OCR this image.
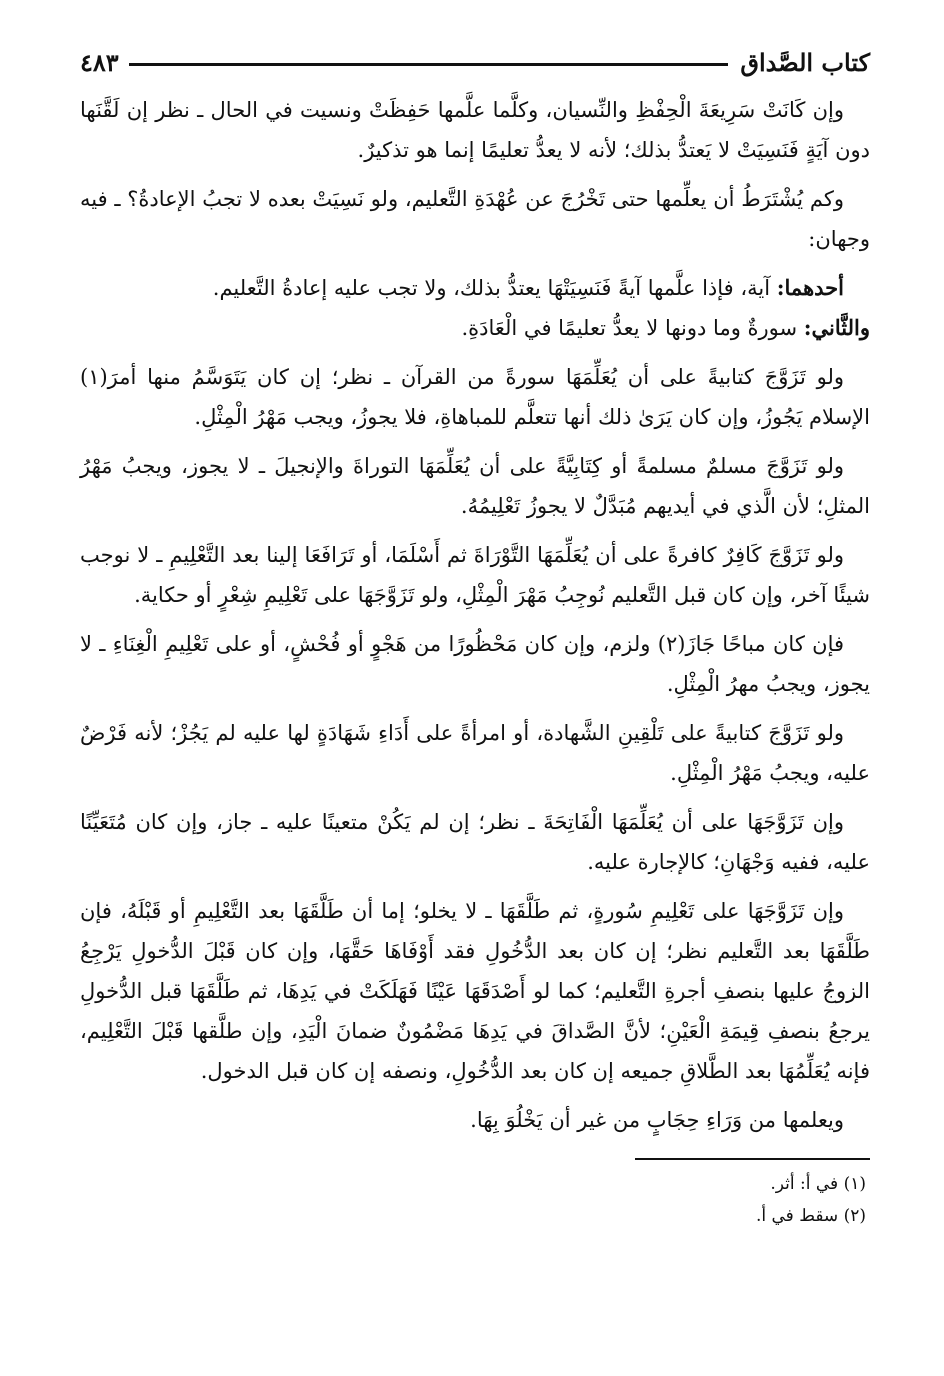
كتاب الصَّداق
٤٨٣

وإن كَانَتْ سَرِيعَةَ الْحِفْظِ والنِّسيان، وكلَّما علَّمها حَفِظَتْ ونسيت في الحال ـ نظر إن لَقَّنَها دون آيَةٍ فَنَسِيَتْ لا يَعتدُّ بذلك؛ لأنه لا يعدُّ تعليمًا إنما هو تذكيرٌ.

وكم يُشْتَرَطُ أن يعلِّمها حتى تَخْرُجَ عن عُهْدَةِ التَّعليم، ولو نَسِيَتْ بعده لا تجبُ الإعادةُ؟ ـ فيه وجهان:

أحدهما: آية، فإذا علَّمها آيةً فَنَسِيَتْهَا يعتدُّ بذلك، ولا تجب عليه إعادةُ التَّعليم.

والثَّاني: سورةٌ وما دونها لا يعدُّ تعليمًا في الْعَادَةِ.

ولو تَزَوَّجَ كتابيةً على أن يُعَلِّمَهَا سورةً من القرآن ـ نظر؛ إن كان يَتَوَسَّمُ منها أمرَ(١) الإسلام يَجُوزُ، وإن كان يَرَىٰ ذلك أنها تتعلَّم للمباهاةِ، فلا يجوزُ، ويجب مَهْرُ الْمِثْلِ.

ولو تَزَوَّجَ مسلمٌ مسلمةً أو كِتَابِيَّةً على أن يُعَلِّمَهَا التوراةَ والإنجيلَ ـ لا يجوز، ويجبُ مَهْرُ المثلِ؛ لأن الَّذي في أيديهم مُبَدَّلٌ لا يجوزُ تَعْلِيمُهُ.

ولو تَزَوَّجَ كَافِرٌ كافرةً على أن يُعَلِّمَهَا التَّوْرَاةَ ثم أَسْلَمَا، أو تَرَافَعَا إلينا بعد التَّعْلِيمِ ـ لا نوجب شيئًا آخر، وإن كان قبل التَّعليم نُوجِبُ مَهْرَ الْمِثْلِ، ولو تَزَوَّجَهَا على تَعْلِيمِ شِعْرٍ أو حكاية.

فإن كان مباحًا جَازَ(٢) ولزم، وإن كان مَحْظُورًا من هَجْوٍ أو فُحْشٍ، أو على تَعْلِيمِ الْغِنَاءِ ـ لا يجوز، ويجبُ مهرُ الْمِثْلِ.

ولو تَزَوَّجَ كتابيةً على تَلْقِينِ الشَّهادة، أو امرأةً على أَدَاءِ شَهَادَةٍ لها عليه لم يَجُزْ؛ لأنه فَرْضٌ عليه، ويجبُ مَهْرُ الْمِثْلِ.

وإن تَزَوَّجَهَا على أن يُعَلِّمَهَا الْفَاتِحَةَ ـ نظر؛ إن لم يَكُنْ متعينًا عليه ـ جاز، وإن كان مُتَعَيِّنًا عليه، ففيه وَجْهَانِ؛ كالإجارة عليه.

وإن تَزَوَّجَهَا على تَعْلِيمِ سُورةٍ، ثم طَلَّقَهَا ـ لا يخلو؛ إما أن طَلَّقَهَا بعد التَّعْلِيمِ أو قَبْلَهُ، فإن طَلَّقَهَا بعد التَّعليم نظر؛ إن كان بعد الدُّخُولِ فقد أَوْفَاهَا حَقَّهَا، وإن كان قَبْلَ الدُّخولِ يَرْجِعُ الزوجُ عليها بنصفِ أجرةِ التَّعليم؛ كما لو أَصْدَقَهَا عَيْنًا فَهَلَكَتْ في يَدِهَا، ثم طَلَّقَهَا قبل الدُّخولِ يرجعُ بنصفِ قِيمَةِ الْعَيْنِ؛ لأنَّ الصَّداقَ في يَدِهَا مَضْمُونٌ ضمانَ الْيَدِ، وإن طلَّقها قَبْلَ التَّعْلِيم، فإنه يُعَلِّمُهَا بعد الطَّلاقِ جميعه إن كان بعد الدُّخُولِ، ونصفه إن كان قبل الدخول.

ويعلمها من وَرَاءِ حِجَابٍ من غير أن يَخْلُوَ بِهَا.

(١) في أ: أثر.

(٢) سقط في أ.
